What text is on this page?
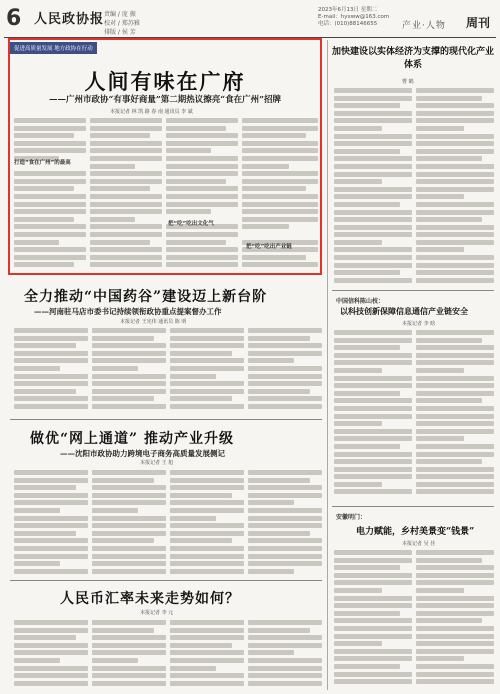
6 人民政协报 责编 / 庞 振
校对 / 郑苏雅
排版 / 侯 芳
2023年6月13日 星期二
E-mail：hyxww@163.com
电话：(010)88146655	产业·人物 周刊
促进高质量发展 地方政协在行动
人间有味在广府
——广州市政协“有事好商量”第二期热议擦亮“食在广州”招牌
本报记者 林 凯 路 春 南 通讯员 李 斌
打造“食在广州”的最高
把“吃”吃出文化气
把“吃”吃出产业链
全力推动“中国药谷”建设迈上新台阶
——河南驻马店市委书记持续领衔政协重点提案督办工作
本报记者 王宪伟 通讯员 陈 明
做优“网上通道” 推动产业升级
——沈阳市政协助力跨境电子商务高质量发展侧记
本报记者 王 旭
人民币汇率未来走势如何？
本报记者 李 元
加快建设以实体经济为支撑的现代化产业体系
曹 鹤
中国信科陈山枝：
以科技创新保障信息通信产业链安全
本报记者 李 晗
安徽明门：
电力赋能，乡村美景变“钱景”
本报记者 吴 佳
